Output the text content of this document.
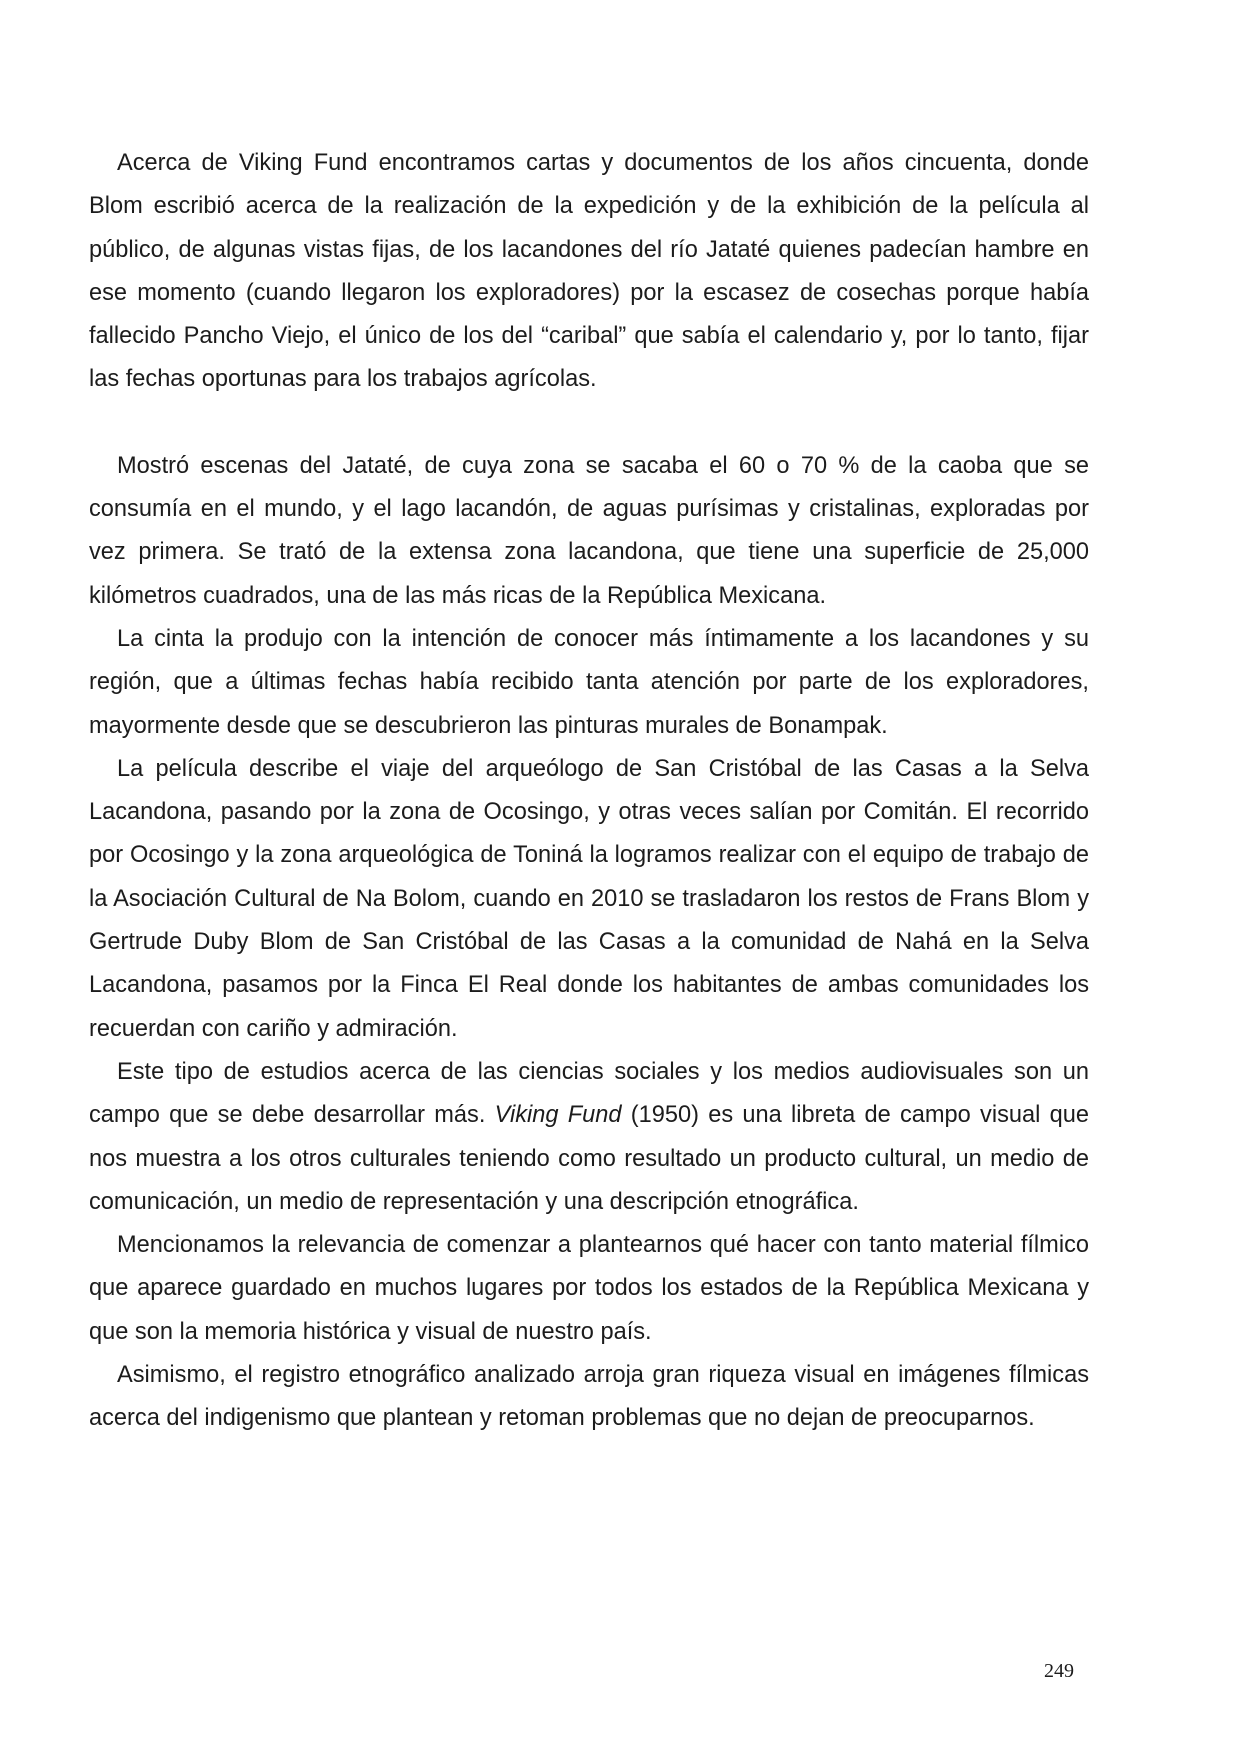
Acerca de Viking Fund encontramos cartas y documentos de los años cincuenta, donde Blom escribió acerca de la realización de la expedición y de la exhibición de la película al público, de algunas vistas fijas, de los lacandones del río Jataté quienes padecían hambre en ese momento (cuando llegaron los exploradores) por la escasez de cosechas porque había fallecido Pancho Viejo, el único de los del “caribal” que sabía el calendario y, por lo tanto, fijar las fechas oportunas para los trabajos agrícolas.

Mostró escenas del Jataté, de cuya zona se sacaba el 60 o 70 % de la caoba que se consumía en el mundo, y el lago lacandón, de aguas purísimas y cristalinas, exploradas por vez primera. Se trató de la extensa zona lacandona, que tiene una superficie de 25,000 kilómetros cuadrados, una de las más ricas de la República Mexicana.

La cinta la produjo con la intención de conocer más íntimamente a los lacandones y su región, que a últimas fechas había recibido tanta atención por parte de los exploradores, mayormente desde que se descubrieron las pinturas murales de Bonampak.

La película describe el viaje del arqueólogo de San Cristóbal de las Casas a la Selva Lacandona, pasando por la zona de Ocosingo, y otras veces salían por Comitán. El recorrido por Ocosingo y la zona arqueológica de Toniná la logramos realizar con el equipo de trabajo de la Asociación Cultural de Na Bolom, cuando en 2010 se trasladaron los restos de Frans Blom y Gertrude Duby Blom de San Cristóbal de las Casas a la comunidad de Nahá en la Selva Lacandona, pasamos por la Finca El Real donde los habitantes de ambas comunidades los recuerdan con cariño y admiración.

Este tipo de estudios acerca de las ciencias sociales y los medios audiovisuales son un campo que se debe desarrollar más. Viking Fund (1950) es una libreta de campo visual que nos muestra a los otros culturales teniendo como resultado un producto cultural, un medio de comunicación, un medio de representación y una descripción etnográfica.

Mencionamos la relevancia de comenzar a plantearnos qué hacer con tanto material fílmico que aparece guardado en muchos lugares por todos los estados de la República Mexicana y que son la memoria histórica y visual de nuestro país.

Asimismo, el registro etnográfico analizado arroja gran riqueza visual en imágenes fílmicas acerca del indigenismo que plantean y retoman problemas que no dejan de preocuparnos.

249
